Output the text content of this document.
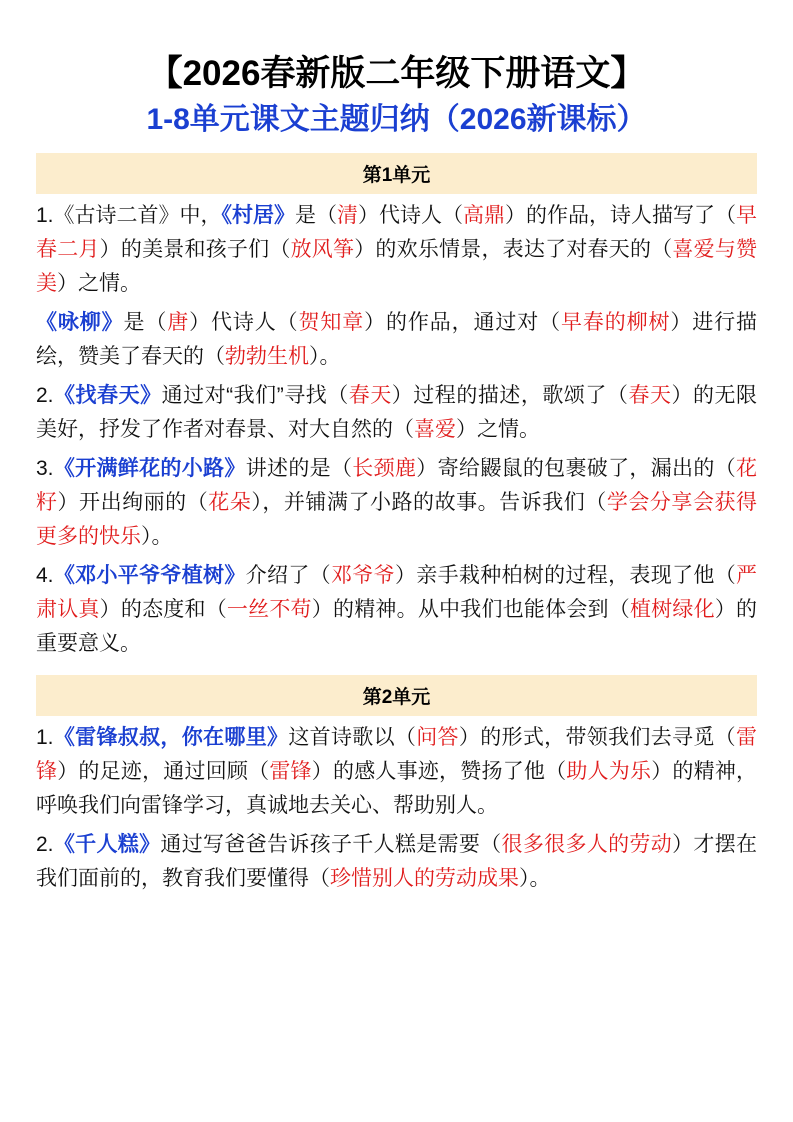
【2026春新版二年级下册语文】
1-8单元课文主题归纳（2026新课标）
第1单元
1.《古诗二首》中，《村居》是（清）代诗人（高鼎）的作品，诗人描写了（早春二月）的美景和孩子们（放风筝）的欢乐情景，表达了对春天的（喜爱与赞美）之情。
《咏柳》是（唐）代诗人（贺知章）的作品，通过对（早春的柳树）进行描绘，赞美了春天的（勃勃生机）。
2.《找春天》通过对“我们”寻找（春天）过程的描述，歌颂了（春天）的无限美好，抒发了作者对春景、对大自然的（喜爱）之情。
3.《开满鲜花的小路》讲述的是（长颈鹿）寄给鼹鼠的包裹破了，漏出的（花籽）开出绚丽的（花朵），并铺满了小路的故事。告诉我们（学会分享会获得更多的快乐）。
4.《邓小平爷爷植树》介绍了（邓爷爷）亲手栽种柏树的过程，表现了他（严肃认真）的态度和（一丝不苟）的精神。从中我们也能体会到（植树绿化）的重要意义。
第2单元
1.《雷锋叔叔，你在哪里》这首诗歌以（问答）的形式，带领我们去寻觅（雷锋）的足迹，通过回顾（雷锋）的感人事迹，赞扬了他（助人为乐）的精神，呼唤我们向雷锋学习，真诚地去关心、帮助别人。
2.《千人糕》通过写爸爸告诉孩子千人糕是需要（很多很多人的劳动）才摆在我们面前的，教育我们要懂得（珍惜别人的劳动成果）。
